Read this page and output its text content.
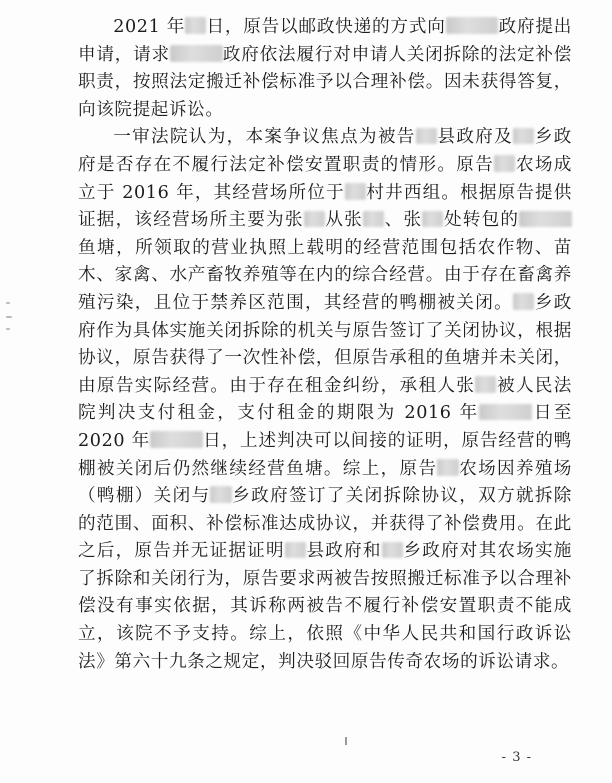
2021 年 日，原告以邮政快递的方式向	政府提出申请，请求	政府依法履行对申请人关闭拆除的法定补偿职责，按照法定搬迁补偿标准予以合理补偿。因未获得答复，向该院提起诉讼。

一审法院认为，本案争议焦点为被告 县政府及 乡政府是否存在不履行法定补偿安置职责的情形。原告 农场成立于 2016 年，其经营场所位于 村井西组。根据原告提供证据，该经营场所主要为张 从张 、张 处转包的鱼塘，所领取的营业执照上载明的经营范围包括农作物、苗木、家禽、水产畜牧养殖等在内的综合经营。由于存在畜禽养殖污染，且位于禁养区范围，其经营的鸭棚被关闭。 乡政府作为具体实施关闭拆除的机关与原告签订了关闭协议，根据协议，原告获得了一次性补偿，但原告承租的鱼塘并未关闭，由原告实际经营。由于存在租金纠纷，承租人张 被人民法院判决支付租金，支付租金的期限为 2016 年	日至 2020 年	日，上述判决可以间接的证明，原告经营的鸭棚被关闭后仍然继续经营鱼塘。综上，原告 农场因养殖场（鸭棚）关闭与 乡政府签订了关闭拆除协议，双方就拆除的范围、面积、补偿标准达成协议，并获得了补偿费用。在此之后，原告并无证据证明 县政府和 乡政府对其农场实施了拆除和关闭行为，原告要求两被告按照搬迁标准予以合理补偿没有事实依据，其诉称两被告不履行补偿安置职责不能成立，该院不予支持。综上，依照《中华人民共和国行政诉讼法》第六十九条之规定，判决驳回原告传奇农场的诉讼请求。

- 3 -
